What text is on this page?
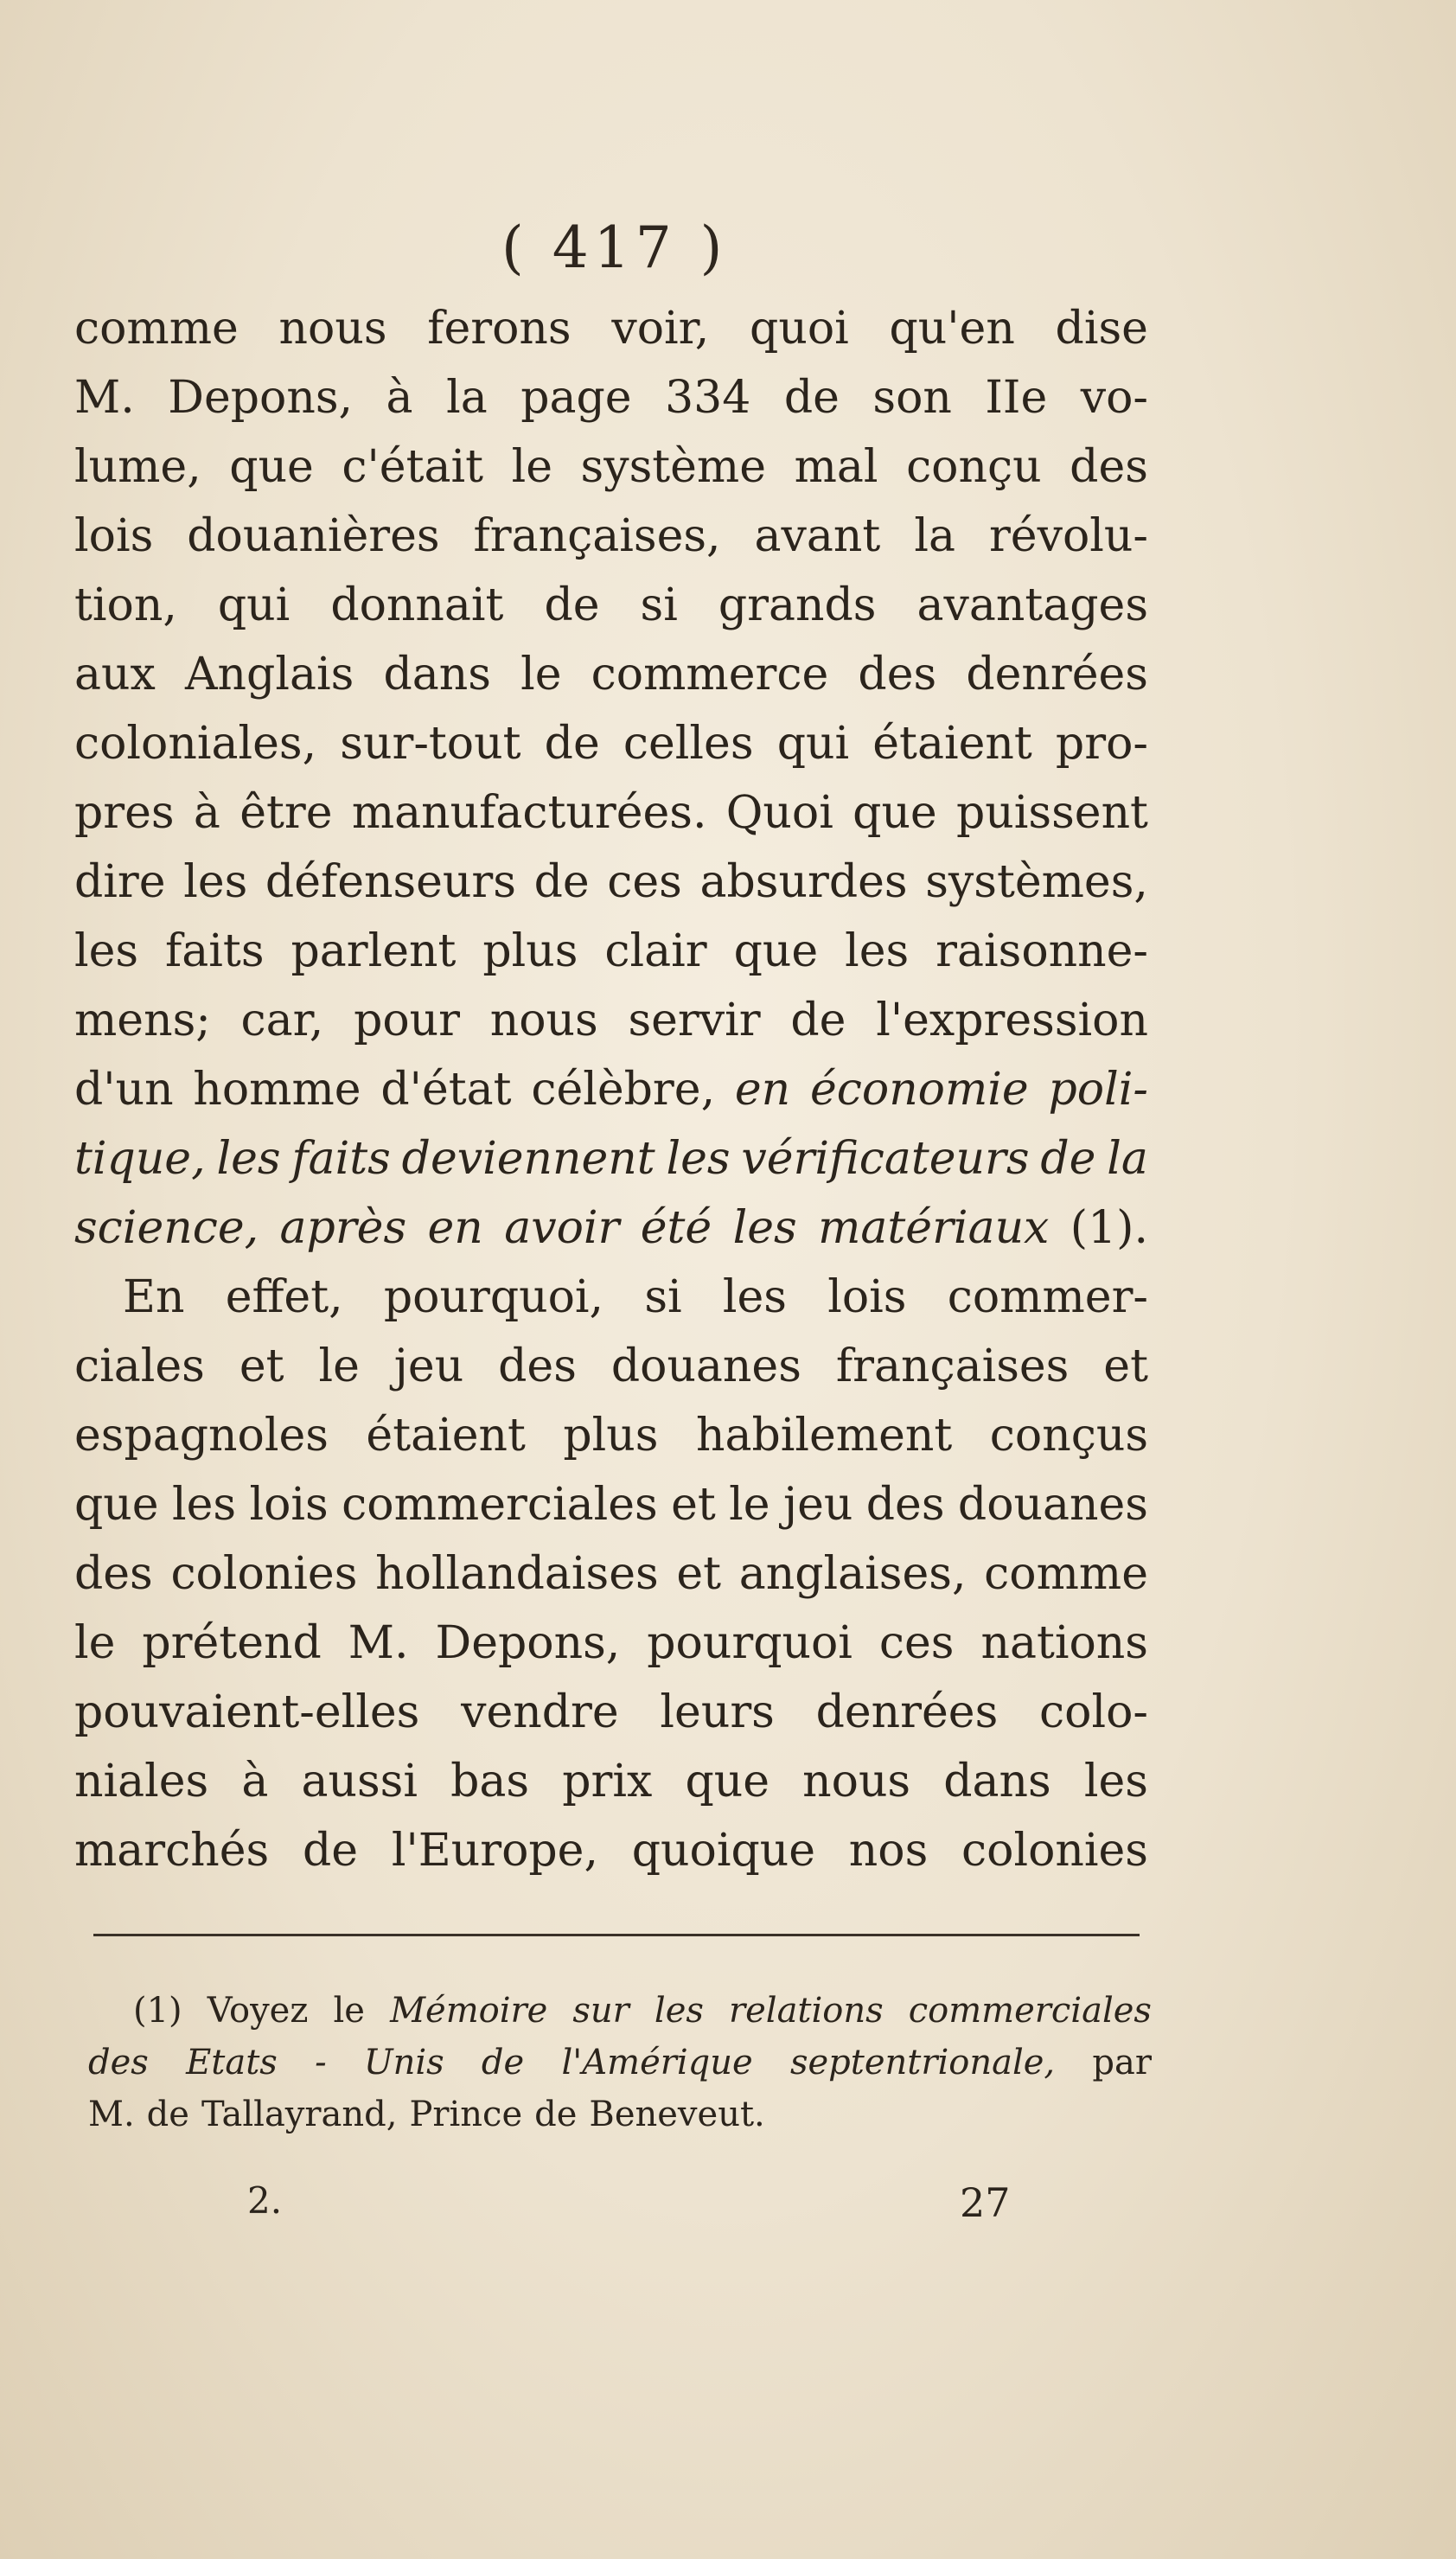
( 417 )
comme nous ferons voir, quoi qu'en dise
M. Depons, à la page 334 de son IIe vo-
lume, que c'était le système mal conçu des
lois douanières françaises, avant la révolu-
tion, qui donnait de si grands avantages
aux Anglais dans le commerce des denrées
coloniales, sur-tout de celles qui étaient pro-
pres à être manufacturées. Quoi que puissent
dire les défenseurs de ces absurdes systèmes,
les faits parlent plus clair que les raisonne-
mens; car, pour nous servir de l'expression
d'un homme d'état célèbre, en économie poli-
tique, les faits deviennent les vérificateurs de la
science, après en avoir été les matériaux (1).
En effet, pourquoi, si les lois commer-
ciales et le jeu des douanes françaises et
espagnoles étaient plus habilement conçus
que les lois commerciales et le jeu des douanes
des colonies hollandaises et anglaises, comme
le prétend M. Depons, pourquoi ces nations
pouvaient-elles vendre leurs denrées colo-
niales à aussi bas prix que nous dans les
marchés de l'Europe, quoique nos colonies
(1) Voyez le Mémoire sur les relations commerciales
des Etats - Unis de l'Amérique septentrionale, par
M. de Tallayrand, Prince de Beneveut.
2.	27
